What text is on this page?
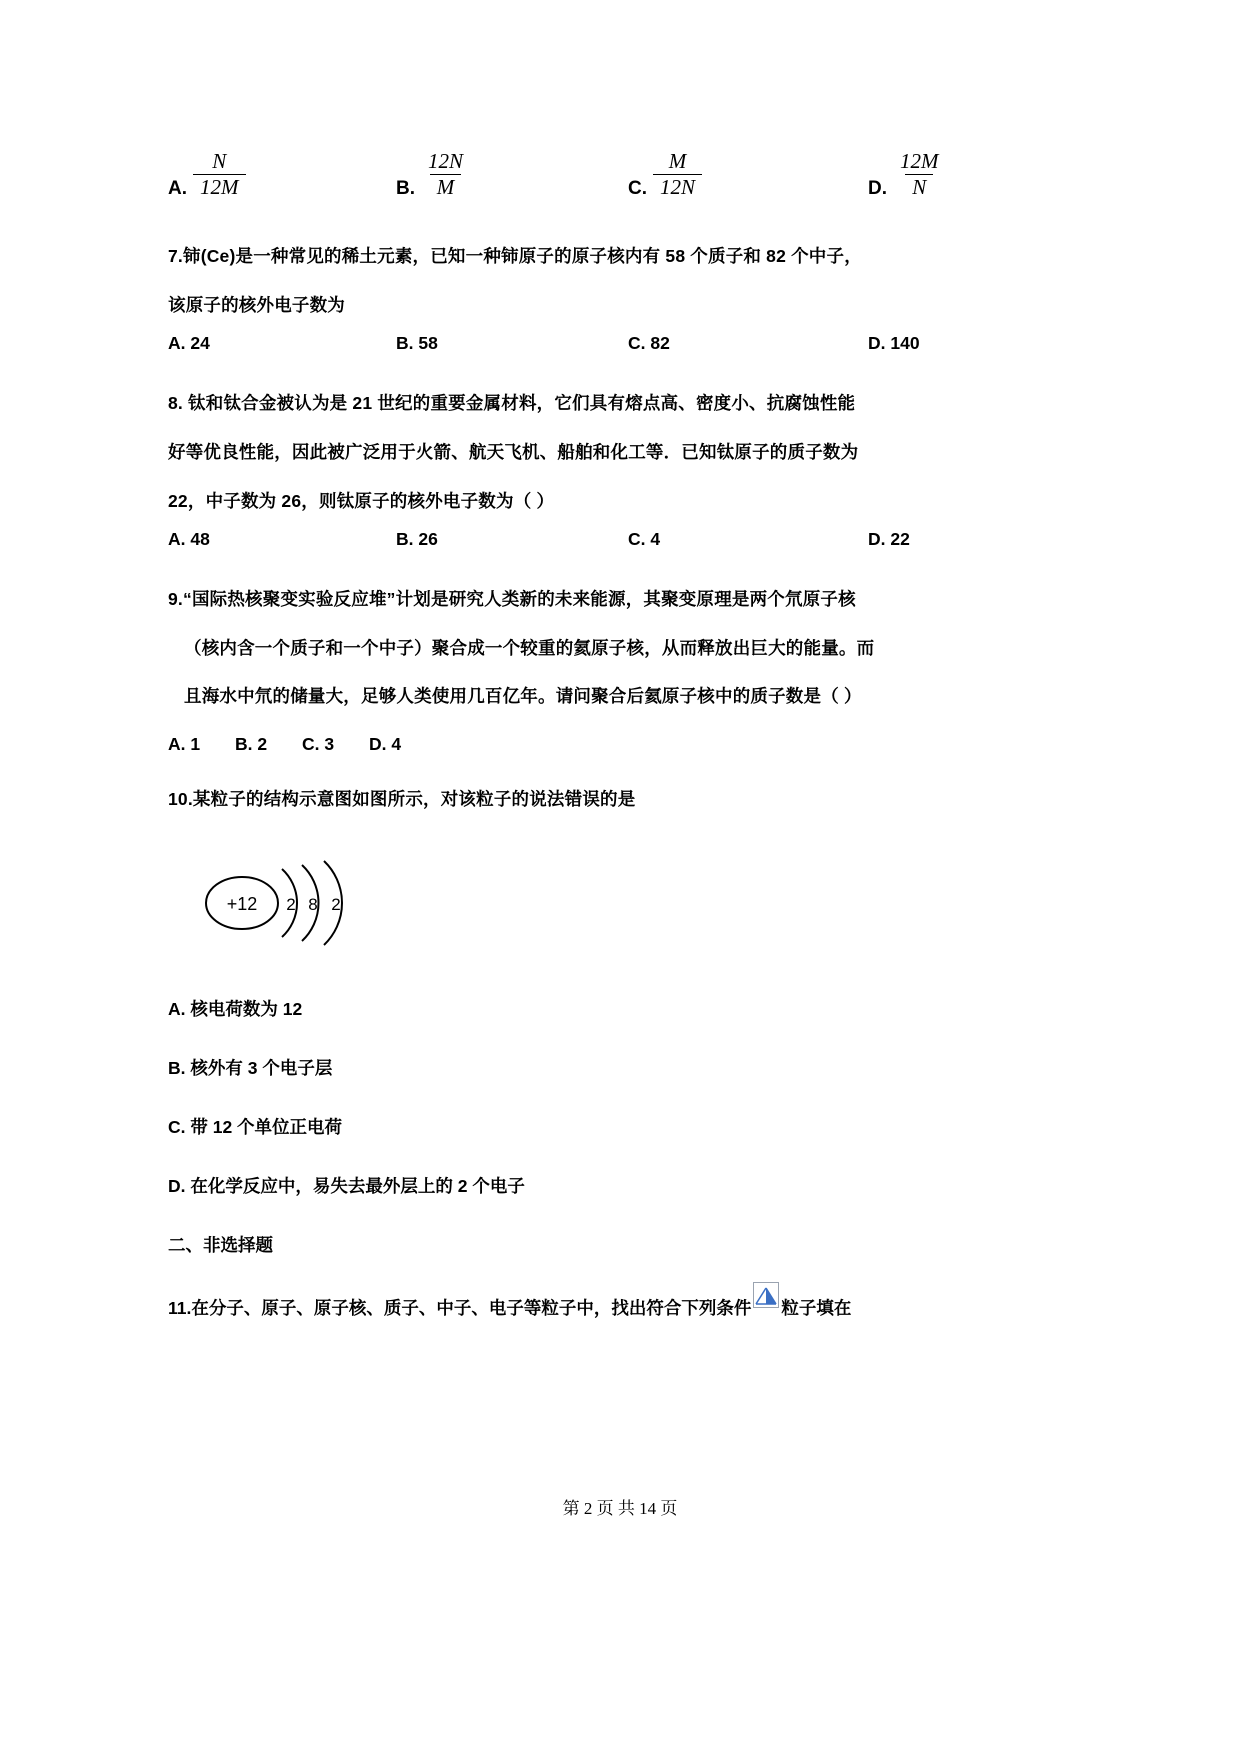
A. $\frac{N}{12M}$	B. $\frac{12N}{M}$	C. $\frac{M}{12N}$	D. $\frac{12M}{N}$

7.铈(Ce)是一种常见的稀土元素，已知一种铈原子的原子核内有 58 个质子和 82 个中子，

该原子的核外电子数为

A. 24	B. 58	C. 82	D. 140

8. 钛和钛合金被认为是 21 世纪的重要金属材料，它们具有熔点高、密度小、抗腐蚀性能

好等优良性能，因此被广泛用于火箭、航天飞机、船舶和化工等．已知钛原子的质子数为

22，中子数为 26，则钛原子的核外电子数为（ ）

A. 48	B. 26	C. 4	D. 22

9.“国际热核聚变实验反应堆”计划是研究人类新的未来能源，其聚变原理是两个氘原子核

（核内含一个质子和一个中子）聚合成一个较重的氦原子核，从而释放出巨大的能量。而

且海水中氘的储量大，足够人类使用几百亿年。请问聚合后氦原子核中的质子数是（ ）

A. 1 B. 2 C. 3 D. 4

10.某粒子的结构示意图如图所示，对该粒子的说法错误的是

+12 2 8 2

A. 核电荷数为 12

B. 核外有 3 个电子层

C. 带 12 个单位正电荷

D. 在化学反应中，易失去最外层上的 2 个电子

二、非选择题

11.在分子、原子、原子核、质子、中子、电子等粒子中，找出符合下列条件 粒子填在

第 2 页 共 14 页
